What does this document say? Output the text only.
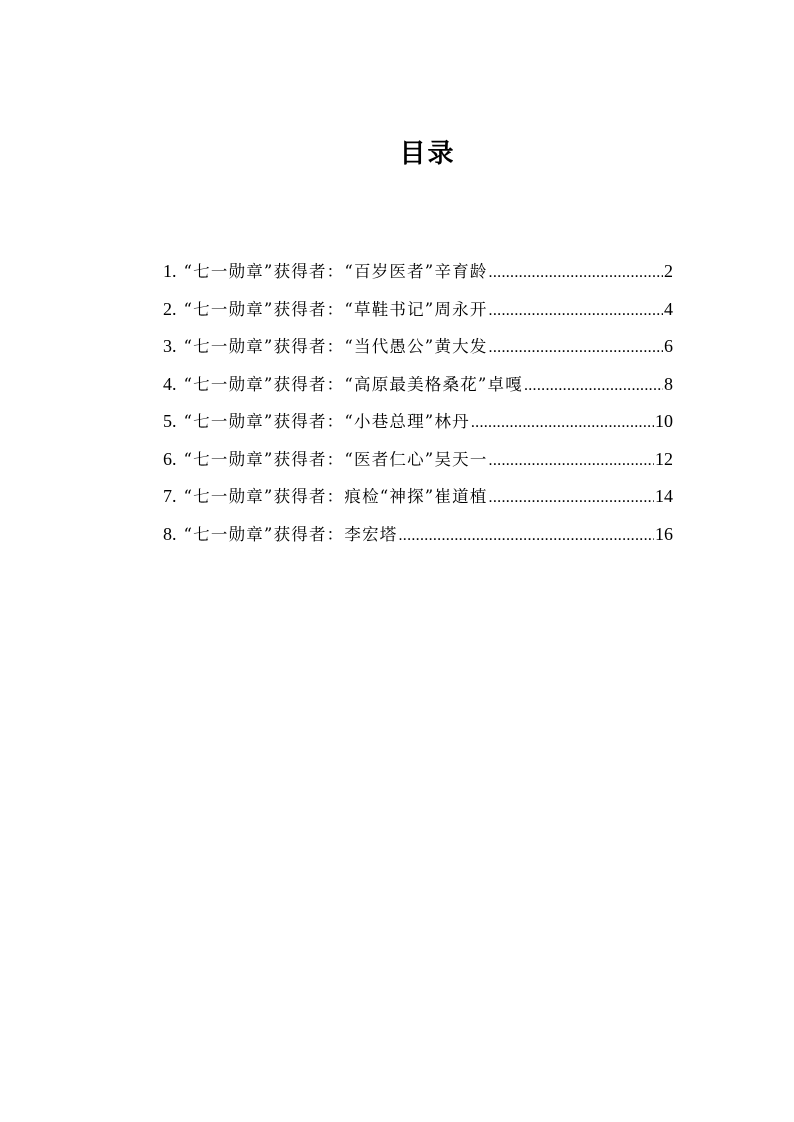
目录
1. “七一勋章”获得者：“百岁医者”辛育龄 .....	2
2. “七一勋章”获得者：“草鞋书记”周永开 .....	4
3. “七一勋章”获得者：“当代愚公”黄大发 .....	6
4. “七一勋章”获得者：“高原最美格桑花”卓嘎 .....	8
5. “七一勋章”获得者：“小巷总理”林丹 .....	10
6. “七一勋章”获得者：“医者仁心”吴天一 .....	12
7. “七一勋章”获得者：痕检“神探”崔道植 .....	14
8. “七一勋章”获得者：李宏塔 .....	16
